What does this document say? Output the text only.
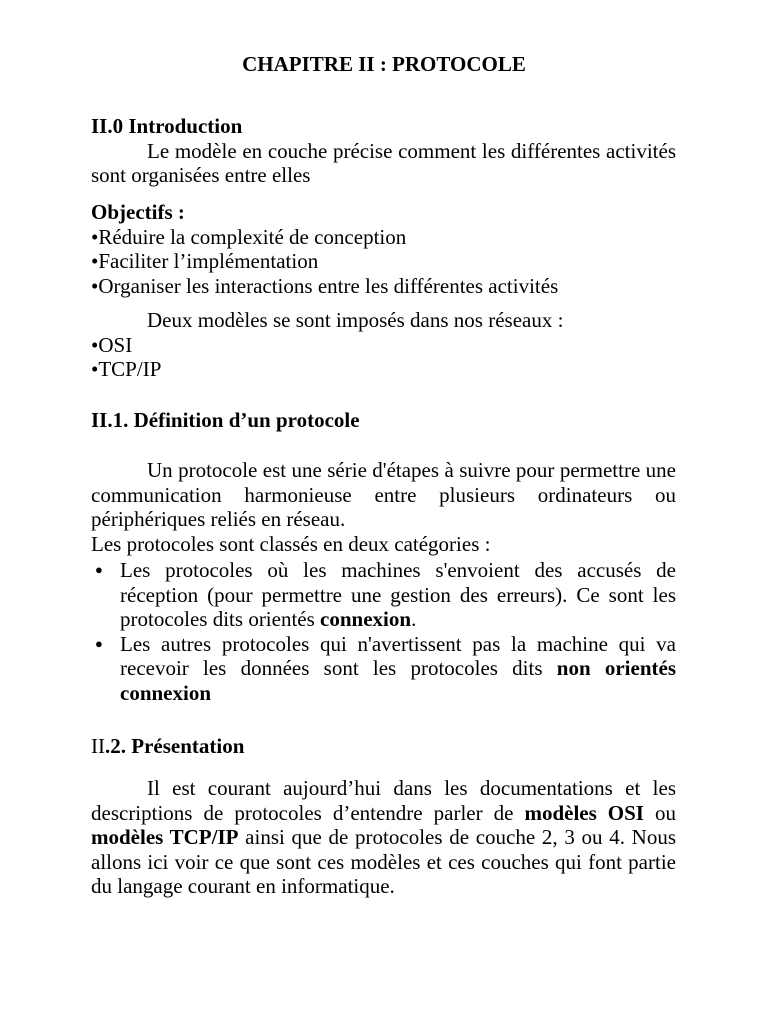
CHAPITRE II : PROTOCOLE

II.0 Introduction

Le modèle en couche précise comment les différentes activités sont organisées entre elles

Objectifs :

•Réduire la complexité de conception

•Faciliter l’implémentation

•Organiser les interactions entre les différentes activités

Deux modèles se sont imposés dans nos réseaux :

•OSI

•TCP/IP

II.1. Définition d’un protocole

Un protocole est une série d'étapes à suivre pour permettre une communication harmonieuse entre plusieurs ordinateurs ou périphériques reliés en réseau.

Les protocoles sont classés en deux catégories :

● Les protocoles où les machines s'envoient des accusés de réception (pour permettre une gestion des erreurs). Ce sont les protocoles dits orientés connexion.
● Les autres protocoles qui n'avertissent pas la machine qui va recevoir les données sont les protocoles dits non orientés connexion

II.2. Présentation

Il est courant aujourd’hui dans les documentations et les descriptions de protocoles d’entendre parler de modèles OSI ou modèles TCP/IP ainsi que de protocoles de couche 2, 3 ou 4. Nous allons ici voir ce que sont ces modèles et ces couches qui font partie du langage courant en informatique.
